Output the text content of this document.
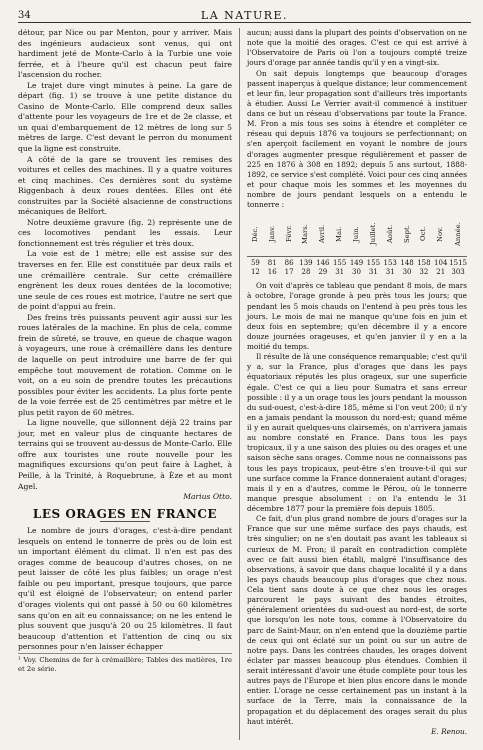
34	LA NATURE.

détour, par Nice ou par Menton, pour y arriver. Mais des ingénieurs audacieux sont venus, qui ont hardiment jeté de Monte-Carlo à la Turbie une voie ferrée, et à l'heure qu'il est chacun peut faire l'ascension du rocher.

Le trajet dure vingt minutes à peine. La gare de départ (fig. 1) se trouve à une petite distance du Casino de Monte-Carlo. Elle comprend deux salles d'attente pour les voyageurs de 1re et de 2e classe, et un quai d'embarquement de 12 mètres de long sur 5 mètres de large. C'est devant le perron du monument que la ligne est construite.

A côté de la gare se trouvent les remises des voitures et celles des machines. Il y a quatre voitures et cinq machines. Ces dernières sont du système Riggenbach à deux roues dentées. Elles ont été construites par la Société alsacienne de constructions mécaniques de Belfort.

Notre deuxième gravure (fig. 2) représente une de ces locomotives pendant les essais. Leur fonctionnement est très régulier et très doux.

La voie est de 1 mètre; elle est assise sur des traverses en fer. Elle est constituée par deux rails et une crémaillère centrale. Sur cette crémaillère engrènent les deux roues dentées de la locomotive; une seule de ces roues est motrice, l'autre ne sert que de point d'appui au frein.

Des freins très puissants peuvent agir aussi sur les roues latérales de la machine. En plus de cela, comme frein de sûreté, se trouve, en queue de chaque wagon à voyageurs, une roue à crémaillère dans les denture de laquelle on peut introduire une barre de fer qui empêche tout mouvement de rotation. Comme on le voit, on a eu soin de prendre toutes les précautions possibles pour éviter les accidents. La plus forte pente de la voie ferrée est de 25 centimètres par mètre et le plus petit rayon de 60 mètres.

La ligne nouvelle, que sillonnent déjà 22 trains par jour, met en valeur plus de cinquante hectares de terrains qui se trouvent au-dessus de Monte-Carlo. Elle offre aux touristes une route nouvelle pour les magnifiques excursions qu'on peut faire à Laghet, à Peille, à la Trinité, à Roquebrune, à Èze et au mont Agel.

Marius Otto.

LES ORAGES EN FRANCE

Le nombre de jours d'orages, c'est-à-dire pendant lesquels on entend le tonnerre de près ou de loin est un important élément du climat. Il n'en est pas des orages comme de beaucoup d'autres choses, on ne peut laisser de côté les plus faibles; un orage n'est faible ou peu important, presque toujours, que parce qu'il est éloigné de l'observateur; on entend parler d'orages violents qui ont passé à 50 ou 60 kilomètres sans qu'on en ait eu connaissance; on ne les entend le plus souvent que jusqu'à 20 ou 25 kilomètres. Il faut beaucoup d'attention et l'attention de cinq ou six personnes pour n'en laisser échapper

¹ Voy. Chemins de fer à crémaillère; Tables des matières, 1re et 2e série.

aucun; aussi dans la plupart des points d'observation on ne note que la moitié des orages. C'est ce qui est arrivé à l'Observatoire de Paris où l'on a toujours compté treize jours d'orage par année tandis qu'il y en a vingt-six.

On sait depuis longtemps que beaucoup d'orages passent inaperçus à quelque distance; leur commencement et leur fin, leur propagation sont d'ailleurs très importants à étudier. Aussi Le Verrier avait-il commencé à instituer dans ce but un réseau d'observations par toute la France. M. Fron a mis tous ses soins à étendre et compléter ce réseau qui depuis 1876 va toujours se perfectionnant; on s'en aperçoit facilement en voyant le nombre de jours d'orages augmenter presque régulièrement et passer de 225 en 1876 à 308 en 1892; depuis 5 ans surtout, 1888-1892, ce service s'est complété. Voici pour ces cinq années et pour chaque mois les sommes et les moyennes du nombre de jours pendant lesquels on a entendu le tonnerre :

Déc. Janv. Févr. Mars. Avril. Mai. Juin. Juillet. Août. Sept. Oct. Nov. Année.
59	81	86 139 146 155 149 155 153 148 158 104 1515
12	16	17	28	29	31	30	31	31	30	32	21 303

On voit d'après ce tableau que pendant 8 mois, de mars à octobre, l'orage gronde à peu près tous les jours; que pendant les 5 mois chauds on l'entend à peu près tous les jours. Le mois de mai ne manque qu'une fois en juin et deux fois en septembre; qu'en décembre il y a encore douze journées orageuses, et qu'en janvier il y en a la moitié du temps.

Il résulte de là une conséquence remarquable; c'est qu'il y a, sur la France, plus d'orages que dans les pays équatoriaux réputés les plus orageux, sur une superficie égale. C'est ce qui a lieu pour Sumatra et sans erreur possible : il y a un orage tous les jours pendant la mousson du sud-ouest, c'est-à-dire 185, même si l'on veut 200; il n'y en a jamais pendant la mousson du nord-est; quand même il y en aurait quelques-uns clairsemés, on n'arrivera jamais au nombre constaté en France. Dans tous les pays tropicaux, il y a une saison des pluies ou des orages et une saison sèche sans orages. Comme nous ne connaissons pas tous les pays tropicaux, peut-être s'en trouve-t-il qui sur une surface comme la France donneraient autant d'orages; mais il y en a d'autres, comme le Pérou, où le tonnerre manque presque absolument : on l'a entendu le 31 décembre 1877 pour la première fois depuis 1805.

Ce fait, d'un plus grand nombre de jours d'orages sur la France que sur une même surface des pays chauds, est très singulier; on ne s'en doutait pas avant les tableaux si curieux de M. Fron; il paraît en contradiction complète avec ce fait aussi bien établi, malgré l'insuffisance des observations, à savoir que dans chaque localité il y a dans les pays chauds beaucoup plus d'orages que chez nous. Cela tient sans doute à ce que chez nous les orages parcourent le pays suivant des bandes étroites, généralement orientées du sud-ouest au nord-est, de sorte que lorsqu'on les note tous, comme à l'Observatoire du parc de Saint-Maur, on n'en entend que la douzième partie de ceux qui ont éclaté sur un point ou sur un autre de notre pays. Dans les contrées chaudes, les orages doivent éclater par masses beaucoup plus étendues. Combien il serait intéressant d'avoir une étude complète pour tous les autres pays de l'Europe et bien plus encore dans le monde entier. L'orage ne cesse certainement pas un instant à la surface de la Terre, mais la connaissance de la propagation et du déplacement des orages serait du plus haut intérêt.

E. Renou.
